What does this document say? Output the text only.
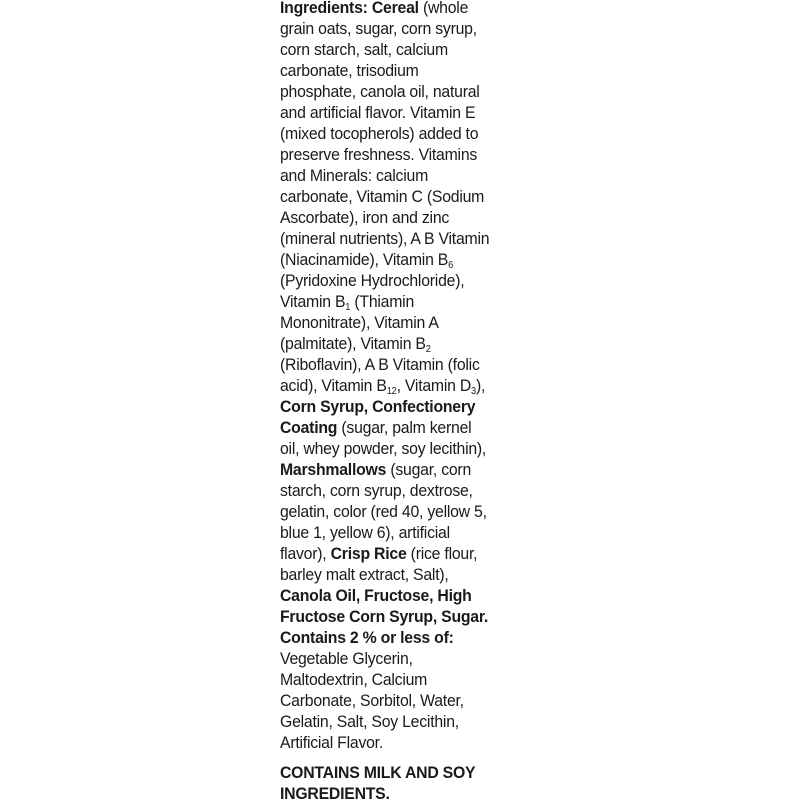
Ingredients: Cereal (whole
grain oats, sugar, corn syrup,
corn starch, salt, calcium
carbonate, trisodium
phosphate, canola oil, natural
and artificial flavor. Vitamin E
(mixed tocopherols) added to
preserve freshness. Vitamins
and Minerals: calcium
carbonate, Vitamin C (Sodium
Ascorbate), iron and zinc
(mineral nutrients), A B Vitamin
(Niacinamide), Vitamin $B_6$
(Pyridoxine Hydrochloride),
Vitamin $B_1$ (Thiamin
Mononitrate), Vitamin A
(palmitate), Vitamin $B_2$
(Riboflavin), A B Vitamin (folic
acid), Vitamin $B_{12}$, Vitamin $D_3$),
Corn Syrup, Confectionery
Coating (sugar, palm kernel
oil, whey powder, soy lecithin),
Marshmallows (sugar, corn
starch, corn syrup, dextrose,
gelatin, color (red 40, yellow 5,
blue 1, yellow 6), artificial
flavor), Crisp Rice (rice flour,
barley malt extract, Salt),
Canola Oil, Fructose, High
Fructose Corn Syrup, Sugar.
Contains 2 % or less of:
Vegetable Glycerin,
Maltodextrin, Calcium
Carbonate, Sorbitol, Water,
Gelatin, Salt, Soy Lecithin,
Artificial Flavor.

CONTAINS MILK AND SOY
INGREDIENTS.
